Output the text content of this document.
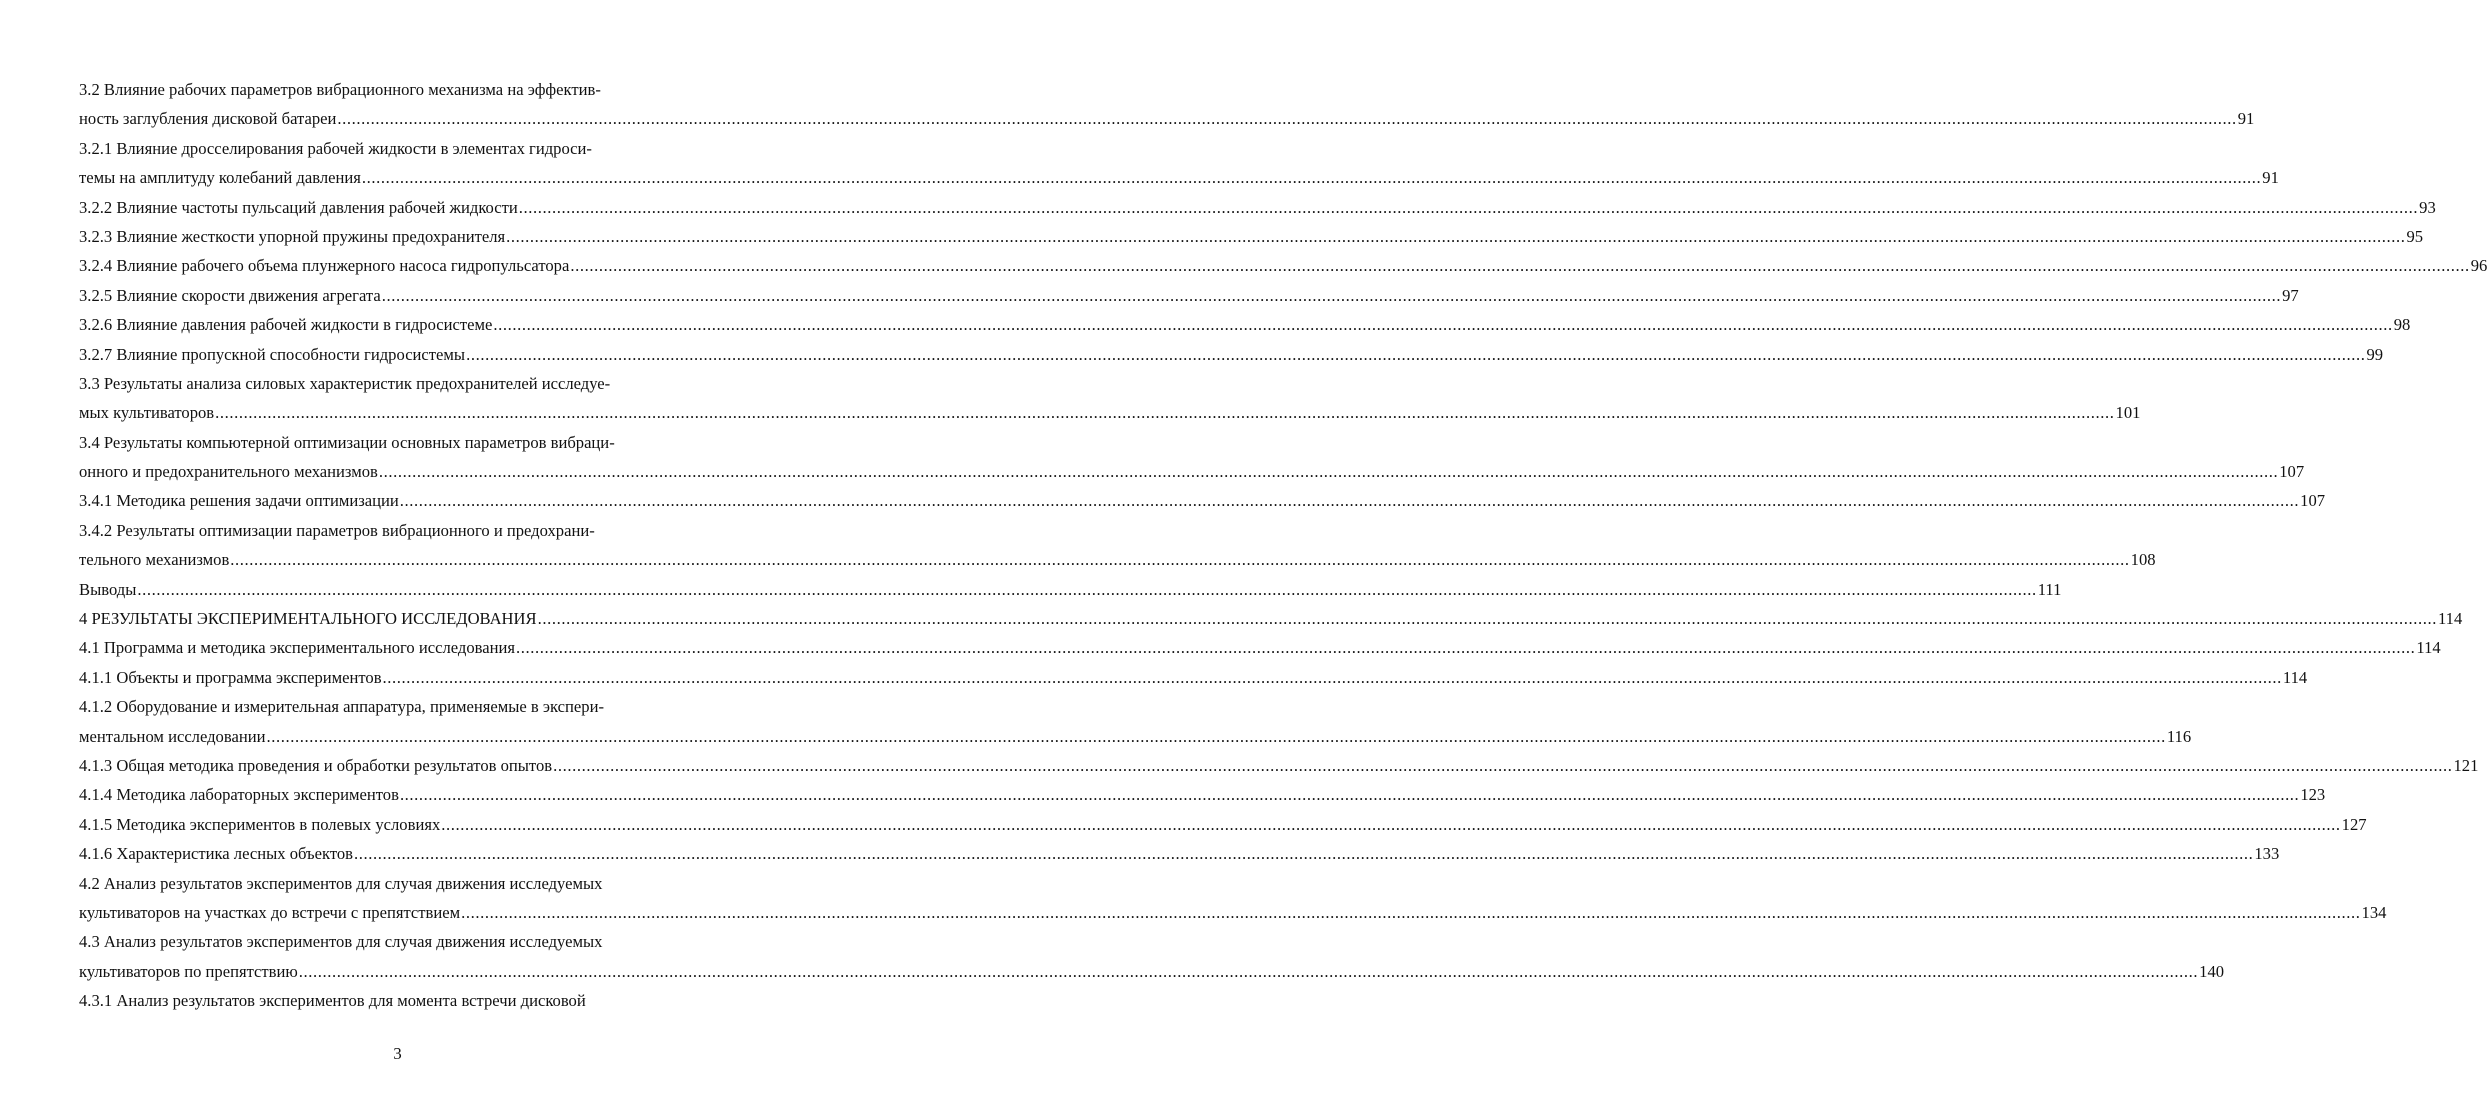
3.2 Влияние рабочих параметров вибрационного механизма на эффектив-
ность заглубления дисковой батареи ................................................................................................................................................................................................................................................................................................................................................................................................................ 91
3.2.1 Влияние дросселирования рабочей жидкости в элементах гидроси-
темы на амплитуду колебаний давления ................................................................................................................................................................................................................................................................................................................................................................................................................ 91
3.2.2 Влияние частоты пульсаций давления рабочей жидкости ................................................................................................................................................................................................................................................................................................................................................................................................................ 93
3.2.3 Влияние жесткости упорной пружины предохранителя ................................................................................................................................................................................................................................................................................................................................................................................................................ 95
3.2.4 Влияние рабочего объема плунжерного насоса гидропульсатора ................................................................................................................................................................................................................................................................................................................................................................................................................ 96
3.2.5 Влияние скорости движения агрегата ................................................................................................................................................................................................................................................................................................................................................................................................................ 97
3.2.6 Влияние давления рабочей жидкости в гидросистеме ................................................................................................................................................................................................................................................................................................................................................................................................................ 98
3.2.7 Влияние пропускной способности гидросистемы ................................................................................................................................................................................................................................................................................................................................................................................................................ 99
3.3 Результаты анализа силовых характеристик предохранителей исследуе-
мых культиваторов ................................................................................................................................................................................................................................................................................................................................................................................................................ 101
3.4 Результаты компьютерной оптимизации основных параметров вибраци-
онного и предохранительного механизмов ................................................................................................................................................................................................................................................................................................................................................................................................................ 107
3.4.1 Методика решения задачи оптимизации ................................................................................................................................................................................................................................................................................................................................................................................................................ 107
3.4.2 Результаты оптимизации параметров вибрационного и предохрани-
тельного механизмов ................................................................................................................................................................................................................................................................................................................................................................................................................ 108
Выводы ................................................................................................................................................................................................................................................................................................................................................................................................................ 111
4 РЕЗУЛЬТАТЫ ЭКСПЕРИМЕНТАЛЬНОГО ИССЛЕДОВАНИЯ ................................................................................................................................................................................................................................................................................................................................................................................................................ 114
4.1 Программа и методика экспериментального исследования ................................................................................................................................................................................................................................................................................................................................................................................................................ 114
4.1.1 Объекты и программа экспериментов ................................................................................................................................................................................................................................................................................................................................................................................................................ 114
4.1.2 Оборудование и измерительная аппаратура, применяемые в экспери-
ментальном исследовании ................................................................................................................................................................................................................................................................................................................................................................................................................ 116
4.1.3 Общая методика проведения и обработки результатов опытов ................................................................................................................................................................................................................................................................................................................................................................................................................ 121
4.1.4 Методика лабораторных экспериментов ................................................................................................................................................................................................................................................................................................................................................................................................................ 123
4.1.5 Методика экспериментов в полевых условиях ................................................................................................................................................................................................................................................................................................................................................................................................................ 127
4.1.6 Характеристика лесных объектов ................................................................................................................................................................................................................................................................................................................................................................................................................ 133
4.2 Анализ результатов экспериментов для случая движения исследуемых
культиваторов на участках до встречи с препятствием ................................................................................................................................................................................................................................................................................................................................................................................................................ 134
4.3 Анализ результатов экспериментов для случая движения исследуемых
культиваторов по препятствию ................................................................................................................................................................................................................................................................................................................................................................................................................ 140
4.3.1 Анализ результатов экспериментов для момента встречи дисковой
3
